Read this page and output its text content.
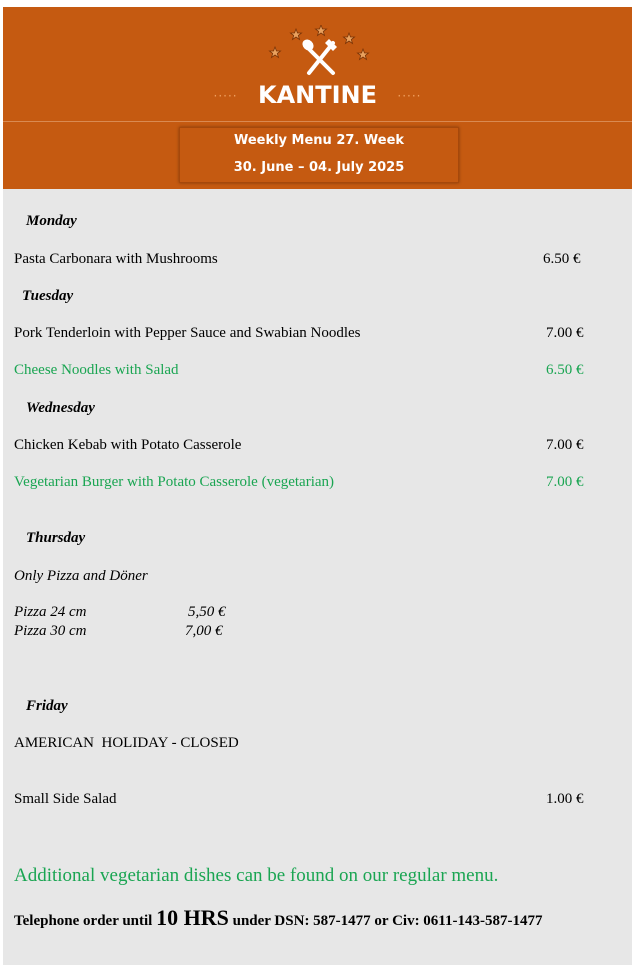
····· KANTINE ·····
Weekly Menu 27. Week
30. June – 04. July 2025
Monday
Pasta Carbonara with Mushrooms	6.50 €
Tuesday
Pork Tenderloin with Pepper Sauce and Swabian Noodles	7.00 €
Cheese Noodles with Salad	6.50 €
Wednesday
Chicken Kebab with Potato Casserole	7.00 €
Vegetarian Burger with Potato Casserole (vegetarian)	7.00 €
Thursday
Only Pizza and Döner
Pizza 24 cm	5,50 €
Pizza 30 cm	7,00 €
Friday
AMERICAN  HOLIDAY - CLOSED
Small Side Salad	1.00 €
Additional vegetarian dishes can be found on our regular menu.
Telephone order until 10 HRS under DSN: 587-1477 or Civ: 0611-143-587-1477
